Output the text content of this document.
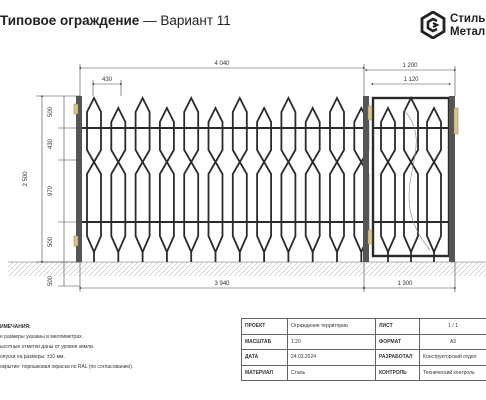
Типовое ограждение — Вариант 11	Стиль
Метал
4 040
430
1 200
1 120
2 500
500
430
970
500
500	3 940	1 300
ИМЕЧАНИЯ:
е размеры указаны в миллиметрах.
ысотные отметки даны от уровня земли.
опуски на размеры: ±10 мм.
окрытие: порошковая окраска по RAL (по согласованию).
ПРОЕКТ	Ограждение территории	ЛИСТ	1 / 1
МАСШТАБ	1:20	ФОРМАТ	А3
ДАТА	24.03.2024	РАЗРАБОТАЛ	Конструкторский отдел
МАТЕРИАЛ	Сталь	КОНТРОЛЬ	Технический контроль
